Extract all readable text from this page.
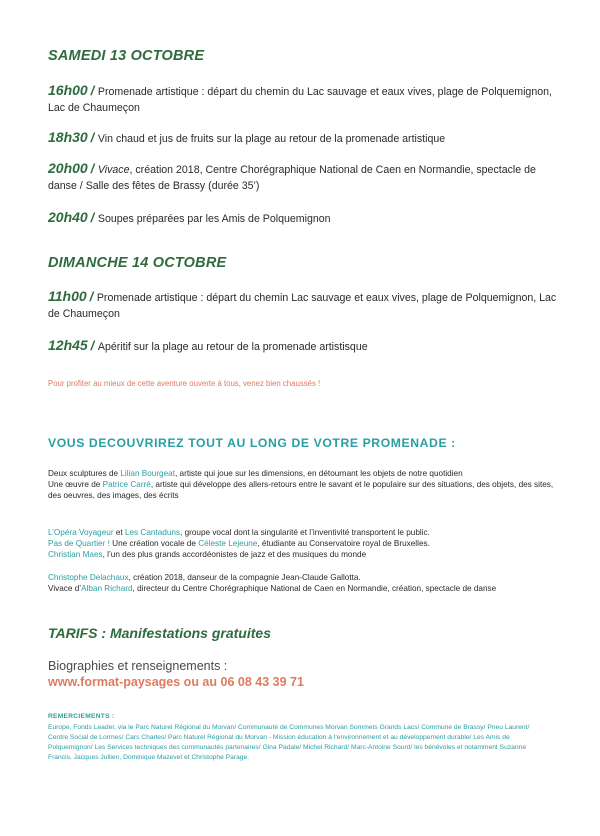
SAMEDI 13 OCTOBRE
16h00 / Promenade artistique : départ du chemin du Lac sauvage et eaux vives, plage de Polquemignon, Lac de Chaumeçon
18h30 / Vin chaud et jus de fruits sur la plage au retour de la promenade artistique
20h00 / Vivace, création 2018, Centre Chorégraphique National de Caen en Normandie, spectacle de danse / Salle des fêtes de Brassy (durée 35’)
20h40 / Soupes préparées par les Amis de Polquemignon
DIMANCHE 14 OCTOBRE
11h00 / Promenade artistique : départ du chemin Lac sauvage et eaux vives, plage de Polquemignon, Lac de Chaumeçon
12h45 / Apéritif sur la plage au retour de la promenade artistisque
Pour profiter au mieux de cette aventure ouverte à tous, venez bien chaussés !
VOUS DECOUVRIREZ TOUT AU LONG DE VOTRE PROMENADE :
Deux sculptures de Lilian Bourgeat, artiste qui joue sur les dimensions, en détournant les objets de notre quotidien
Une œuvre de Patrice Carré, artiste qui développe des allers-retours entre le savant et le populaire sur des situations, des objets, des sites, des oeuvres, des images, des écrits
L’Opéra Voyageur et Les Cantaduns, groupe vocal dont la singularité et l’inventivité transportent le public.
Pas de Quartier ! Une création vocale de Céleste Lejeune, étudiante au Conservatoire royal de Bruxelles.
Christian Maes, l’un des plus grands accordéonistes de jazz et des musiques du monde
Christophe Delachaux, création 2018, danseur de la compagnie Jean-Claude Gallotta.
Vivace d’Alban Richard, directeur du Centre Chorégraphique National de Caen en Normandie, création, spectacle de danse
TARIFS : Manifestations gratuites
Biographies et renseignements :
www.format-paysages ou au 06 08 43 39 71
REMERCIEMENTS :
Europe, Fonds Leader, via le Parc Naturel Régional du Morvan/ Communauté de Communes Morvan Sommets Grands Lacs/ Commune de Brassy/ Pneu Laurent/ Centre Social de Lormes/ Cars Charles/ Parc Naturel Régional du Morvan - Mission éducation à l’environnement et au développement durable/ Les Amis de Polquemignon/ Les Services techniques des communautés partenaires/ Gina Padale/ Michel Richard/ Marc-Antoine Sourd/ les bénévoles et notamment Suzanne Francis, Jacques Jullien, Dominique Mazevet et Christophe Parage.
